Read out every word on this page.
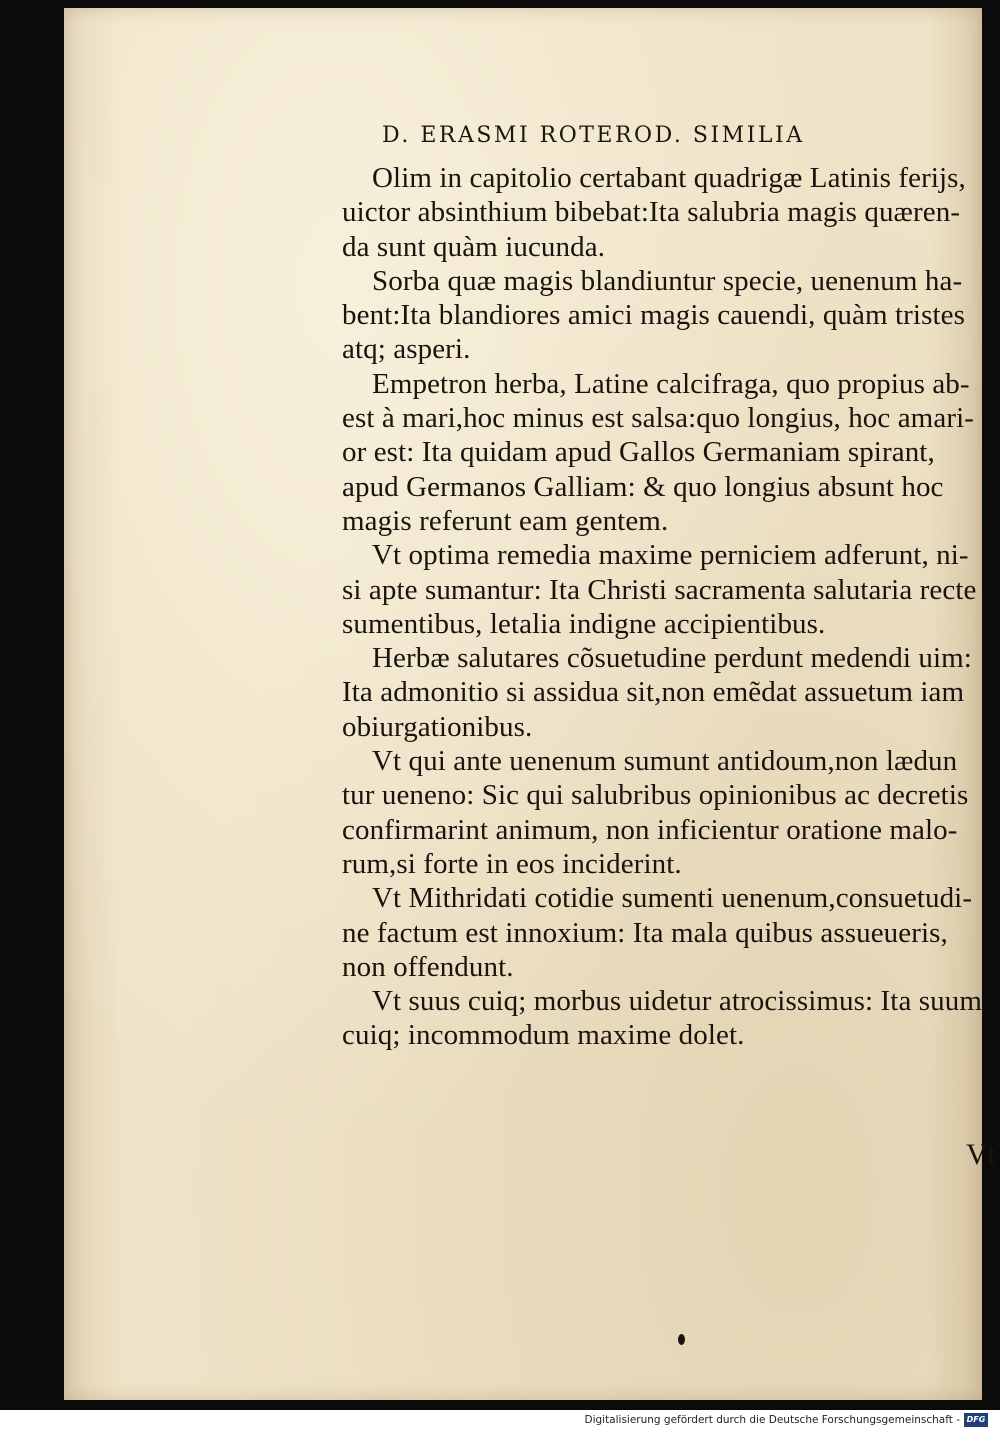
D. ERASMI ROTEROD. SIMILIA
Olim in capitolio certabant quadrigæ Latinis ferijs,
uictor absinthium bibebat:Ita salubria magis quæren-
da sunt quàm iucunda.
Sorba quæ magis blandiuntur specie, uenenum ha-
bent:Ita blandiores amici magis cauendi, quàm tristes
atq; asperi.
Empetron herba, Latine calcifraga, quo propius ab-
est à mari,hoc minus est salsa:quo longius, hoc amari-
or est: Ita quidam apud Gallos Germaniam spirant,
apud Germanos Galliam: & quo longius absunt hoc
magis referunt eam gentem.
Vt optima remedia maxime perniciem adferunt, ni-
si apte sumantur: Ita Christi sacramenta salutaria recte
sumentibus, letalia indigne accipientibus.
Herbæ salutares cõsuetudine perdunt medendi uim:
Ita admonitio si assidua sit,non emẽdat assuetum iam
obiurgationibus.
Vt qui ante uenenum sumunt antidoum,non lædun
tur ueneno: Sic qui salubribus opinionibus ac decretis
confirmarint animum, non inficientur oratione malo-
rum,si forte in eos inciderint.
Vt Mithridati cotidie sumenti uenenum,consuetudi-
ne factum est innoxium: Ita mala quibus assueueris,
non offendunt.
Vt suus cuiq; morbus uidetur atrocissimus: Ita suum
cuiq; incommodum maxime dolet.
Vt
Digitalisierung gefördert durch die Deutsche Forschungsgemeinschaft - DFG
